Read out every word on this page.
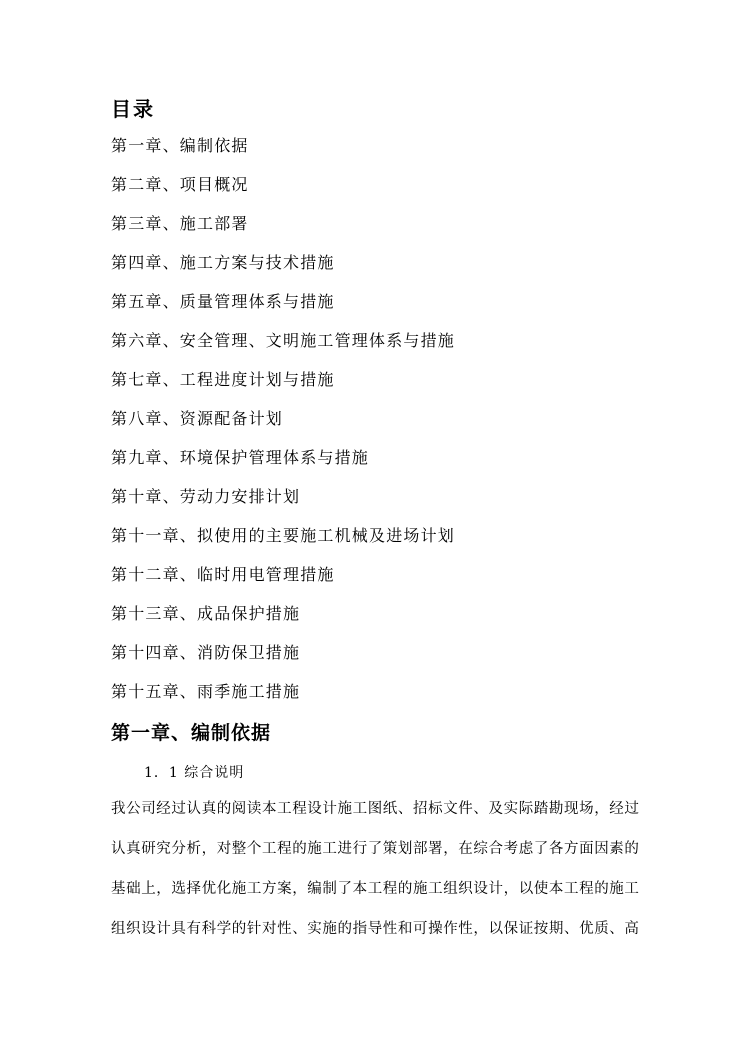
目录
第一章、编制依据
第二章、项目概况
第三章、施工部署
第四章、施工方案与技术措施
第五章、质量管理体系与措施
第六章、安全管理、文明施工管理体系与措施
第七章、工程进度计划与措施
第八章、资源配备计划
第九章、环境保护管理体系与措施
第十章、劳动力安排计划
第十一章、拟使用的主要施工机械及进场计划
第十二章、临时用电管理措施
第十三章、成品保护措施
第十四章、消防保卫措施
第十五章、雨季施工措施
第一章、编制依据
1．1 综合说明
我公司经过认真的阅读本工程设计施工图纸、招标文件、及实际踏勘现场，经过
认真研究分析，对整个工程的施工进行了策划部署，在综合考虑了各方面因素的
基础上，选择优化施工方案，编制了本工程的施工组织设计，以使本工程的施工
组织设计具有科学的针对性、实施的指导性和可操作性，以保证按期、优质、高
